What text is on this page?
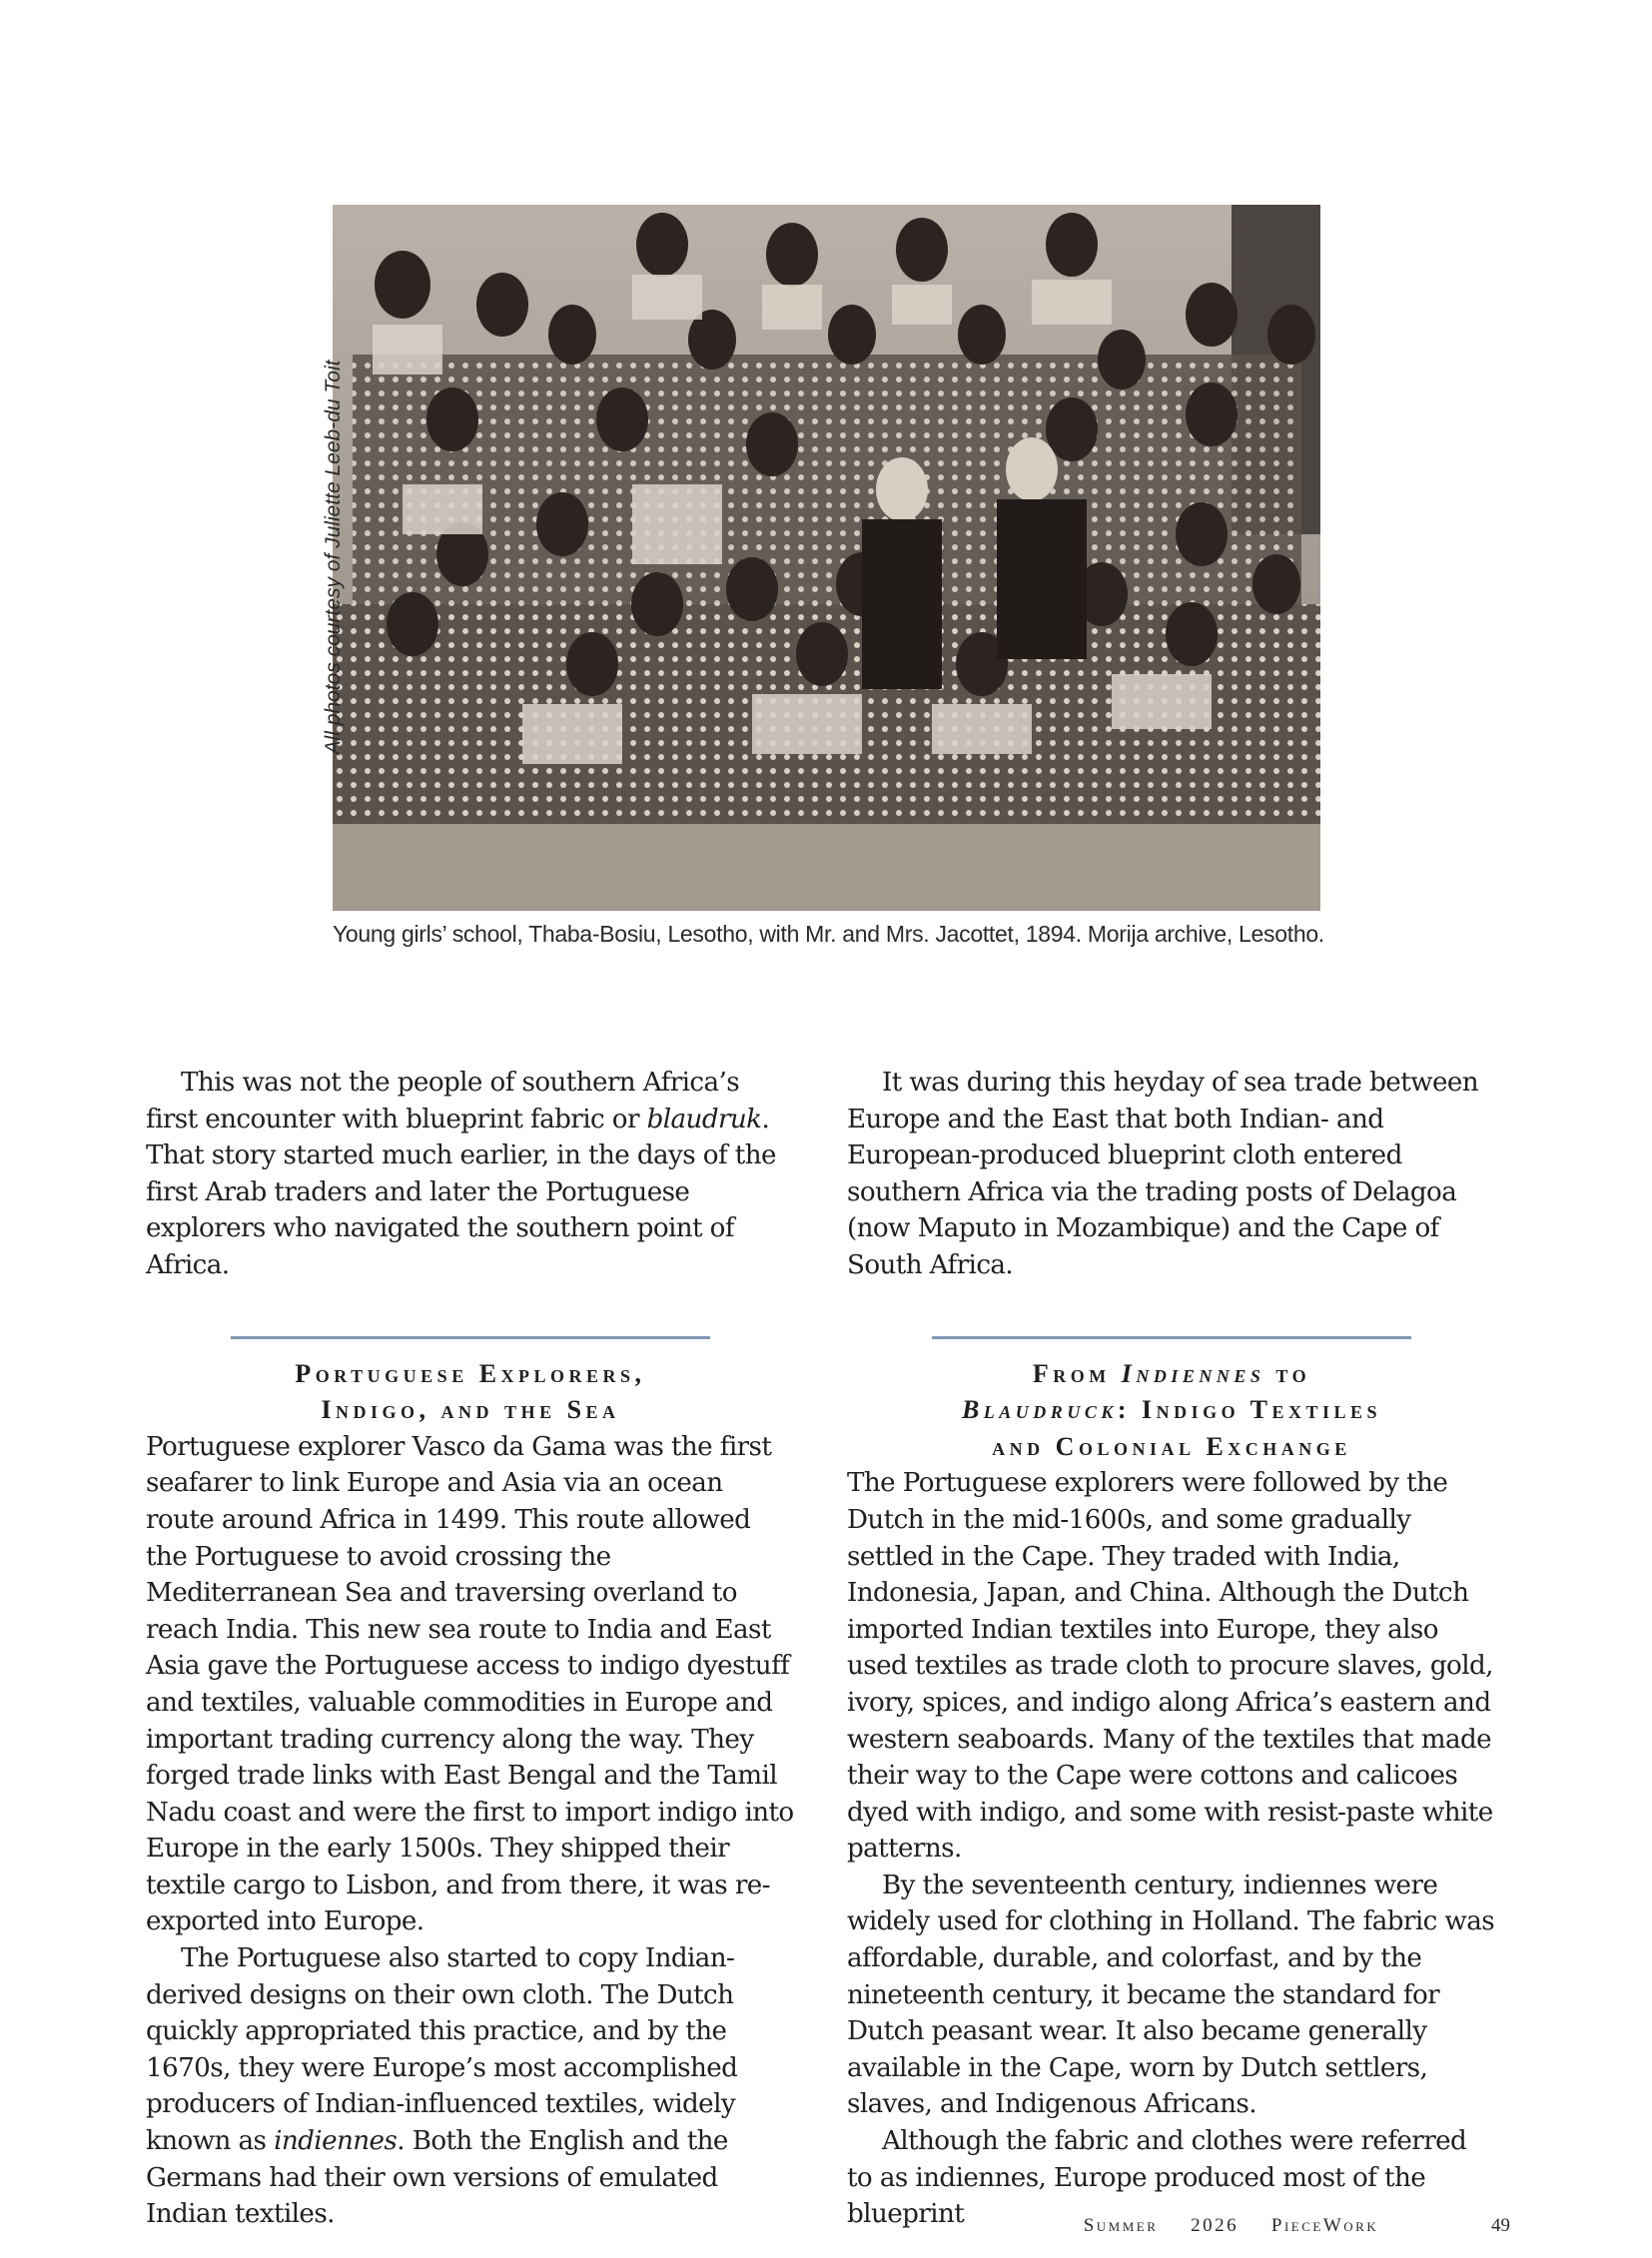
All photos courtesy of Juliette Leeb-du Toit
Young girls’ school, Thaba-Bosiu, Lesotho, with Mr. and Mrs. Jacottet, 1894. Morija archive, Lesotho.

This was not the people of southern Africa’s first encounter with blueprint fabric or blaudruk. That story started much earlier, in the days of the first Arab traders and later the Portuguese explorers who navigated the southern point of Africa.

Portuguese Explorers,
Indigo, and the Sea

Portuguese explorer Vasco da Gama was the first seafarer to link Europe and Asia via an ocean route around Africa in 1499. This route allowed the Portuguese to avoid crossing the Mediterranean Sea and traversing overland to reach India. This new sea route to India and East Asia gave the Portuguese access to indigo dyestuff and textiles, valuable commodities in Europe and important trading currency along the way. They forged trade links with East Bengal and the Tamil Nadu coast and were the first to import indigo into Europe in the early 1500s. They shipped their textile cargo to Lisbon, and from there, it was re-exported into Europe.

The Portuguese also started to copy Indian-derived designs on their own cloth. The Dutch quickly appropriated this practice, and by the 1670s, they were Europe’s most accomplished producers of Indian-influenced textiles, widely known as indiennes. Both the English and the Germans had their own versions of emulated Indian textiles.

It was during this heyday of sea trade between Europe and the East that both Indian- and European-produced blueprint cloth entered southern Africa via the trading posts of Delagoa (now Maputo in Mozambique) and the Cape of South Africa.

From Indiennes to
Blaudruck: Indigo Textiles
and Colonial Exchange

The Portuguese explorers were followed by the Dutch in the mid-1600s, and some gradually settled in the Cape. They traded with India, Indonesia, Japan, and China. Although the Dutch imported Indian textiles into Europe, they also used textiles as trade cloth to procure slaves, gold, ivory, spices, and indigo along Africa’s eastern and western seaboards. Many of the textiles that made their way to the Cape were cottons and calicoes dyed with indigo, and some with resist-paste white patterns.

By the seventeenth century, indiennes were widely used for clothing in Holland. The fabric was affordable, durable, and colorfast, and by the nineteenth century, it became the standard for Dutch peasant wear. It also became generally available in the Cape, worn by Dutch settlers, slaves, and Indigenous Africans.

Although the fabric and clothes were referred to as indiennes, Europe produced most of the blueprint	Summer 2026 PieceWork	49
